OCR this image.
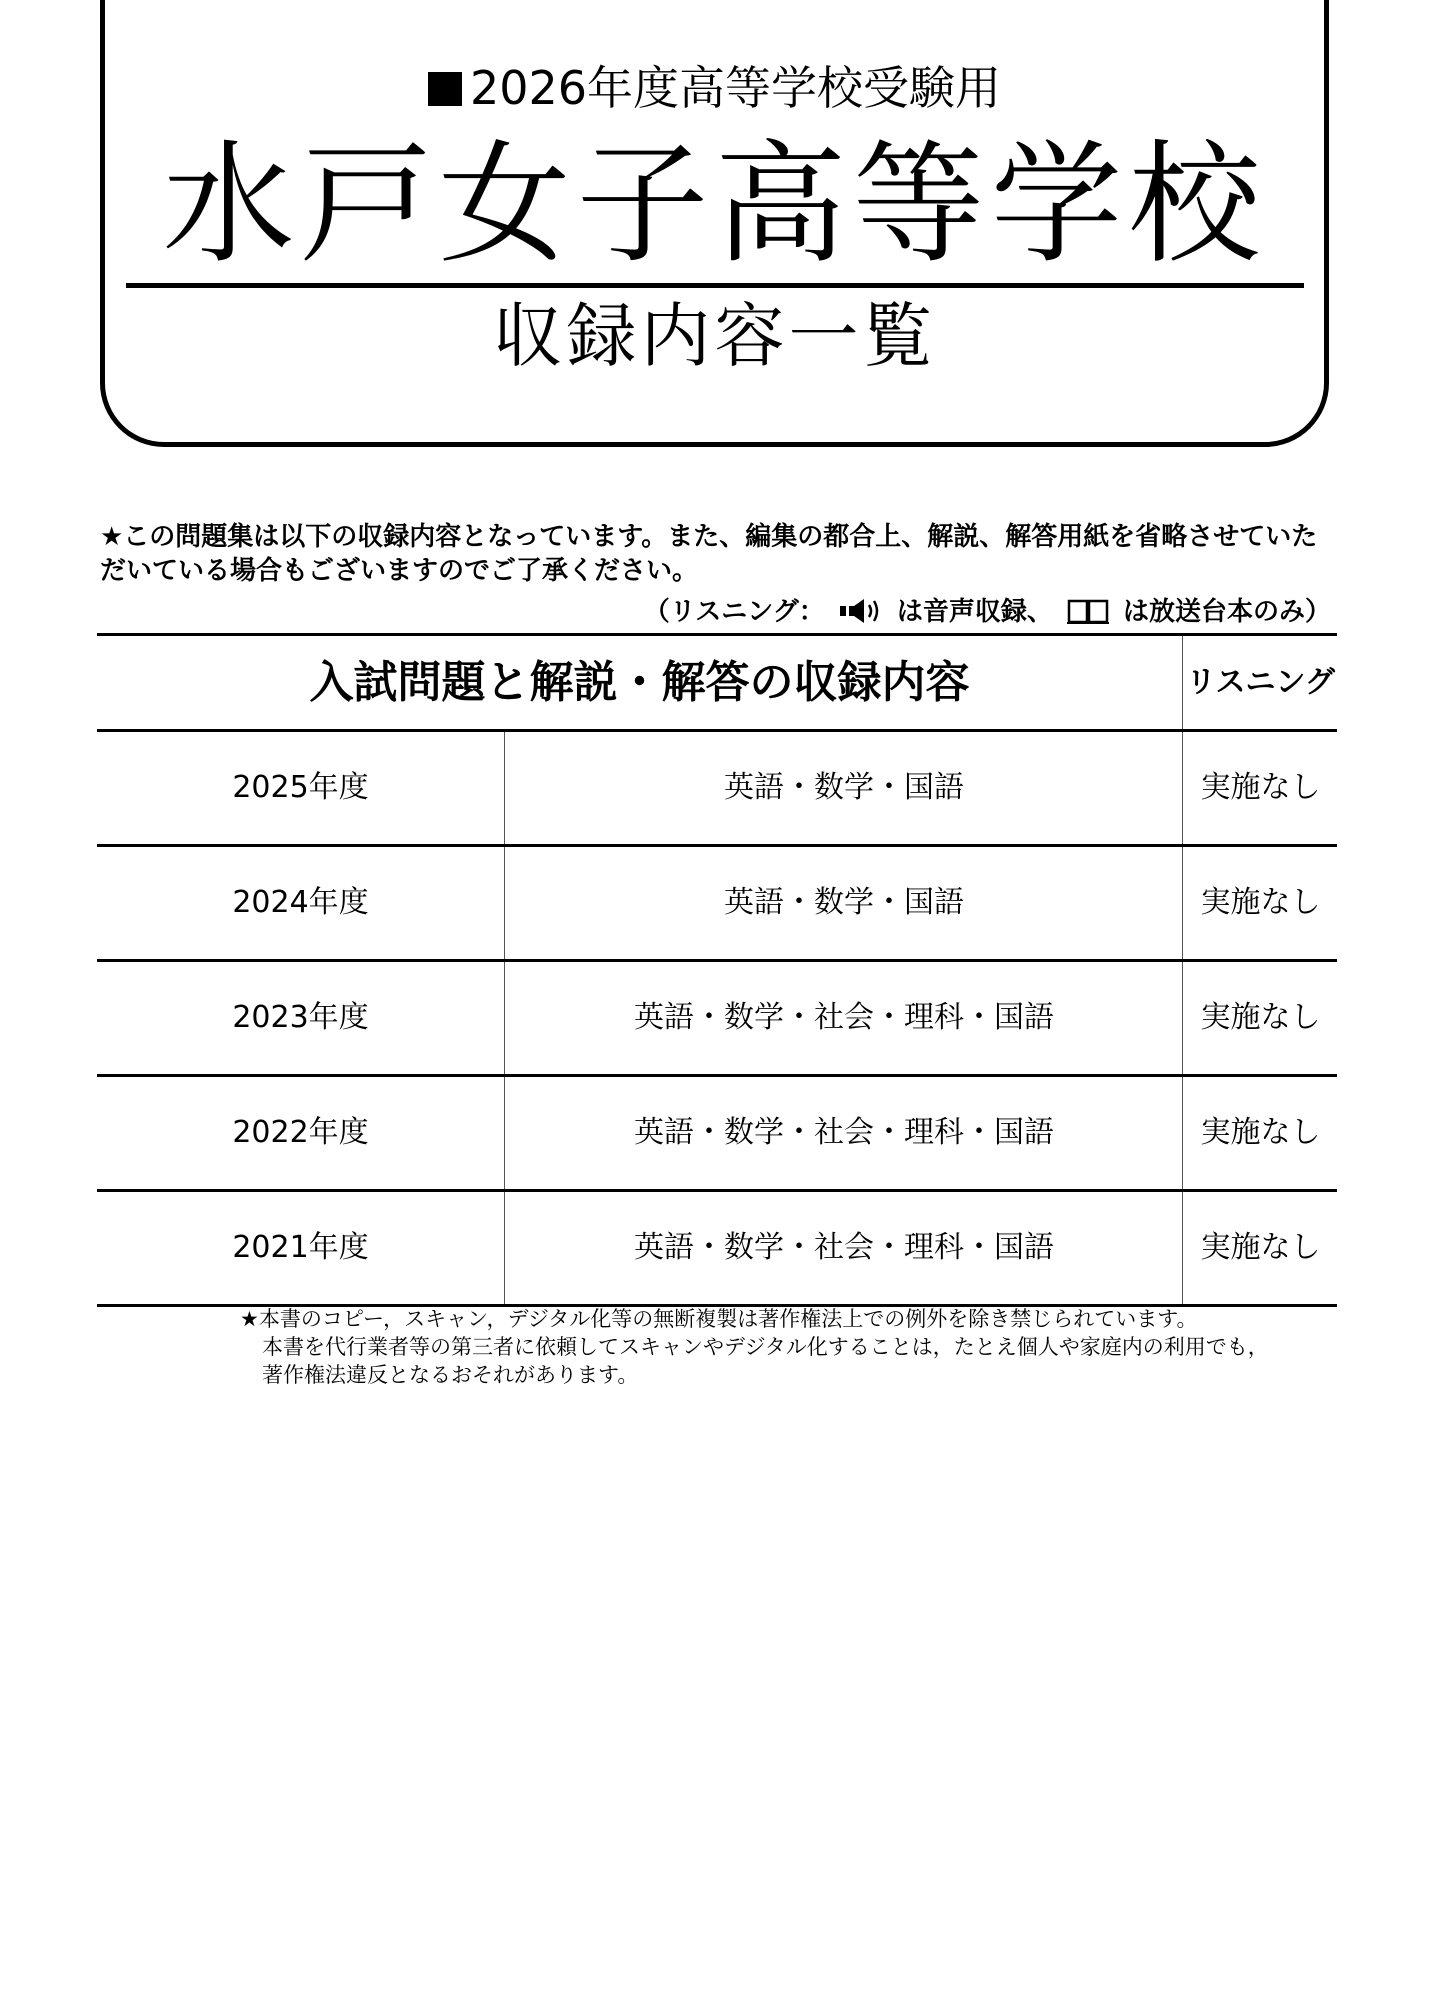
2026年度高等学校受験用
水戸女子高等学校
収録内容一覧
★この問題集は以下の収録内容となっています。また、編集の都合上、解説、解答用紙を省略させていただいている場合もございますのでご了承ください。
（リスニング：	は音声収録、	は放送台本のみ）
入試問題と解説・解答の収録内容	リスニング
2025年度	英語・数学・国語	実施なし
2024年度	英語・数学・国語	実施なし
2023年度	英語・数学・社会・理科・国語	実施なし
2022年度	英語・数学・社会・理科・国語	実施なし
2021年度	英語・数学・社会・理科・国語	実施なし
★本書のコピー，スキャン，デジタル化等の無断複製は著作権法上での例外を除き禁じられています。
本書を代行業者等の第三者に依頼してスキャンやデジタル化することは，たとえ個人や家庭内の利用でも，
著作権法違反となるおそれがあります。
